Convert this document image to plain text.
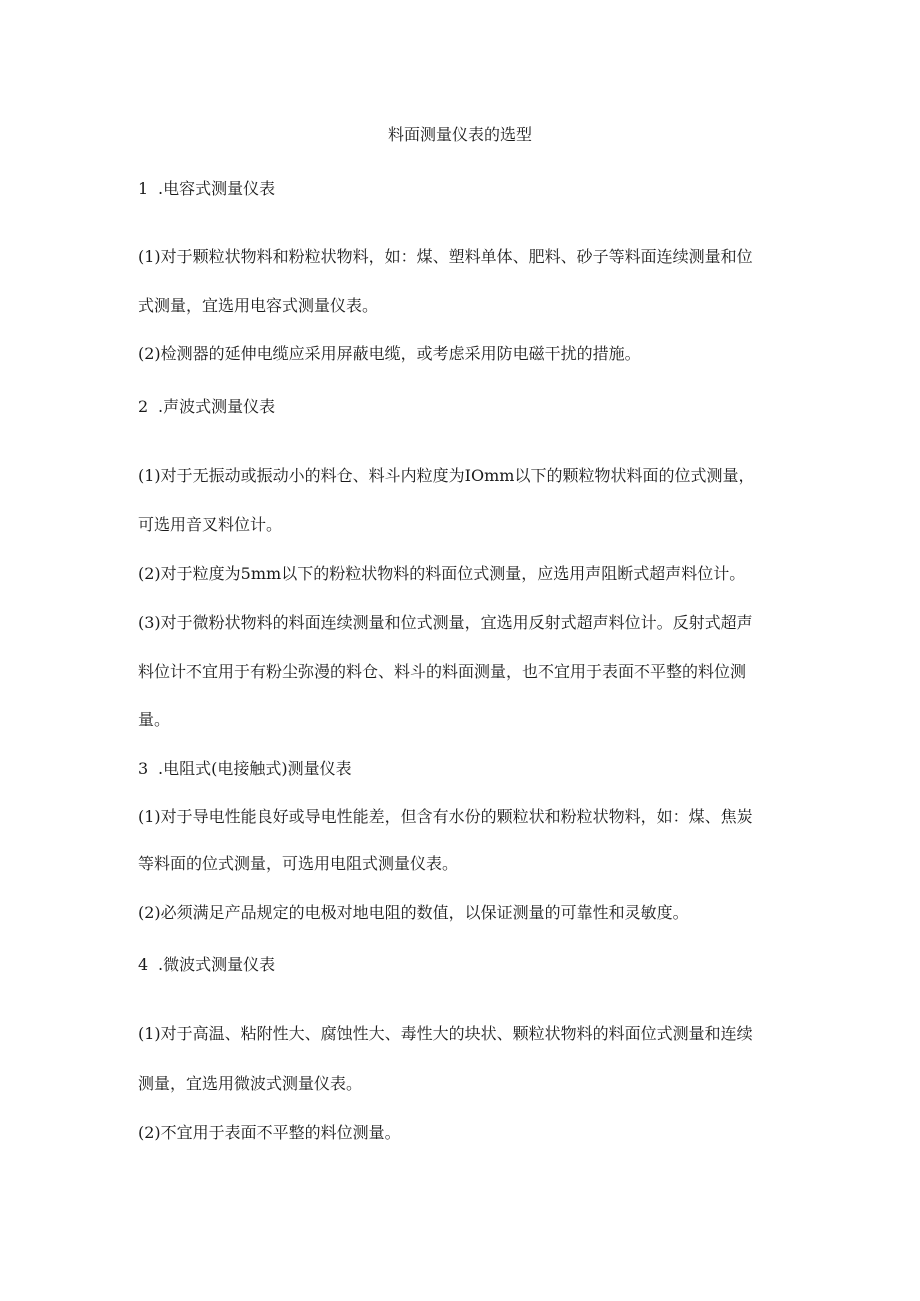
料面测量仪表的选型
1 .电容式测量仪表
(1)对于颗粒状物料和粉粒状物料，如：煤、塑料单体、肥料、砂子等料面连续测量和位
式测量，宜选用电容式测量仪表。
(2)检测器的延伸电缆应采用屏蔽电缆，或考虑采用防电磁干扰的措施。
2 .声波式测量仪表
(1)对于无振动或振动小的料仓、料斗内粒度为IOmm以下的颗粒物状料面的位式测量，
可选用音叉料位计。
(2)对于粒度为5mm以下的粉粒状物料的料面位式测量，应选用声阻断式超声料位计。
(3)对于微粉状物料的料面连续测量和位式测量，宜选用反射式超声料位计。反射式超声
料位计不宜用于有粉尘弥漫的料仓、料斗的料面测量，也不宜用于表面不平整的料位测
量。
3 .电阻式(电接触式)测量仪表
(1)对于导电性能良好或导电性能差，但含有水份的颗粒状和粉粒状物料，如：煤、焦炭
等料面的位式测量，可选用电阻式测量仪表。
(2)必须满足产品规定的电极对地电阻的数值，以保证测量的可靠性和灵敏度。
4 .微波式测量仪表
(1)对于高温、粘附性大、腐蚀性大、毒性大的块状、颗粒状物料的料面位式测量和连续
测量，宜选用微波式测量仪表。
(2)不宜用于表面不平整的料位测量。
